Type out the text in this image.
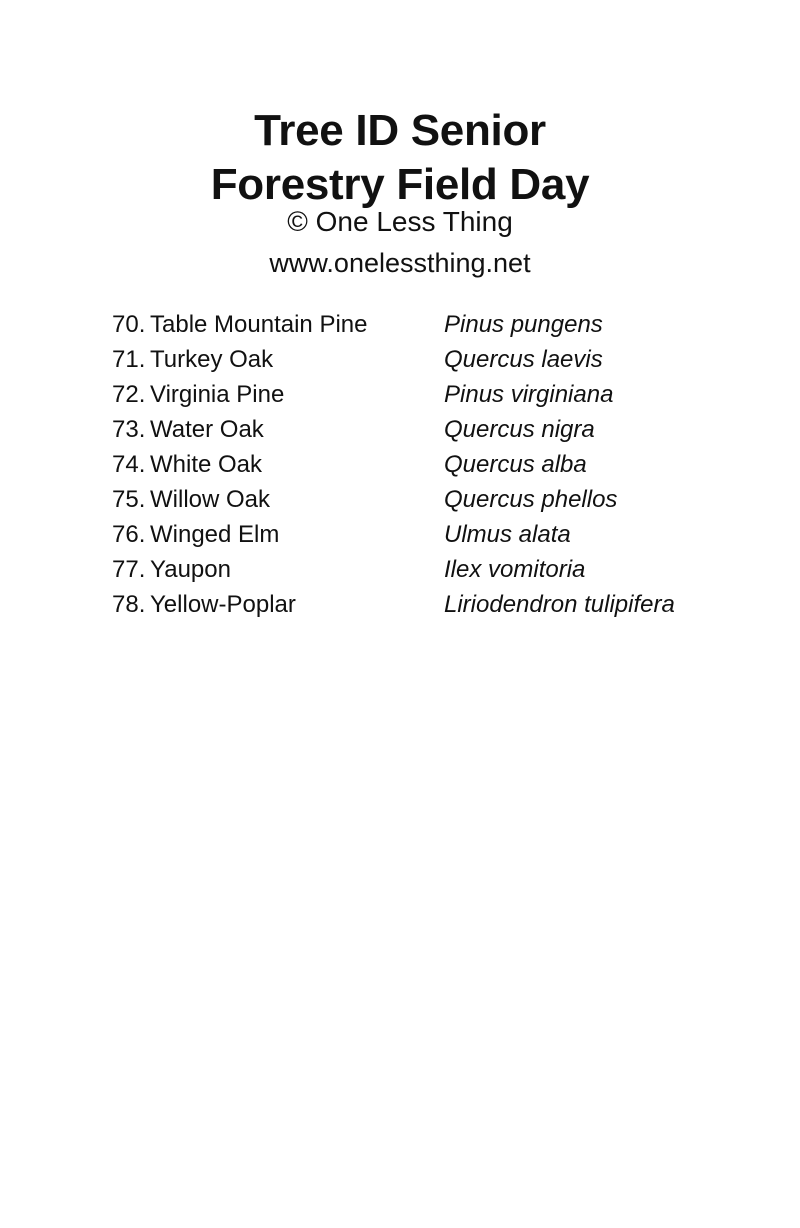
Tree ID Senior
Forestry Field Day
© One Less Thing
www.onelessthing.net
70. Table Mountain Pine	Pinus pungens
71. Turkey Oak	Quercus laevis
72. Virginia Pine	Pinus virginiana
73. Water Oak	Quercus nigra
74. White Oak	Quercus alba
75. Willow Oak	Quercus phellos
76. Winged Elm	Ulmus alata
77. Yaupon	Ilex vomitoria
78. Yellow-Poplar	Liriodendron tulipifera
